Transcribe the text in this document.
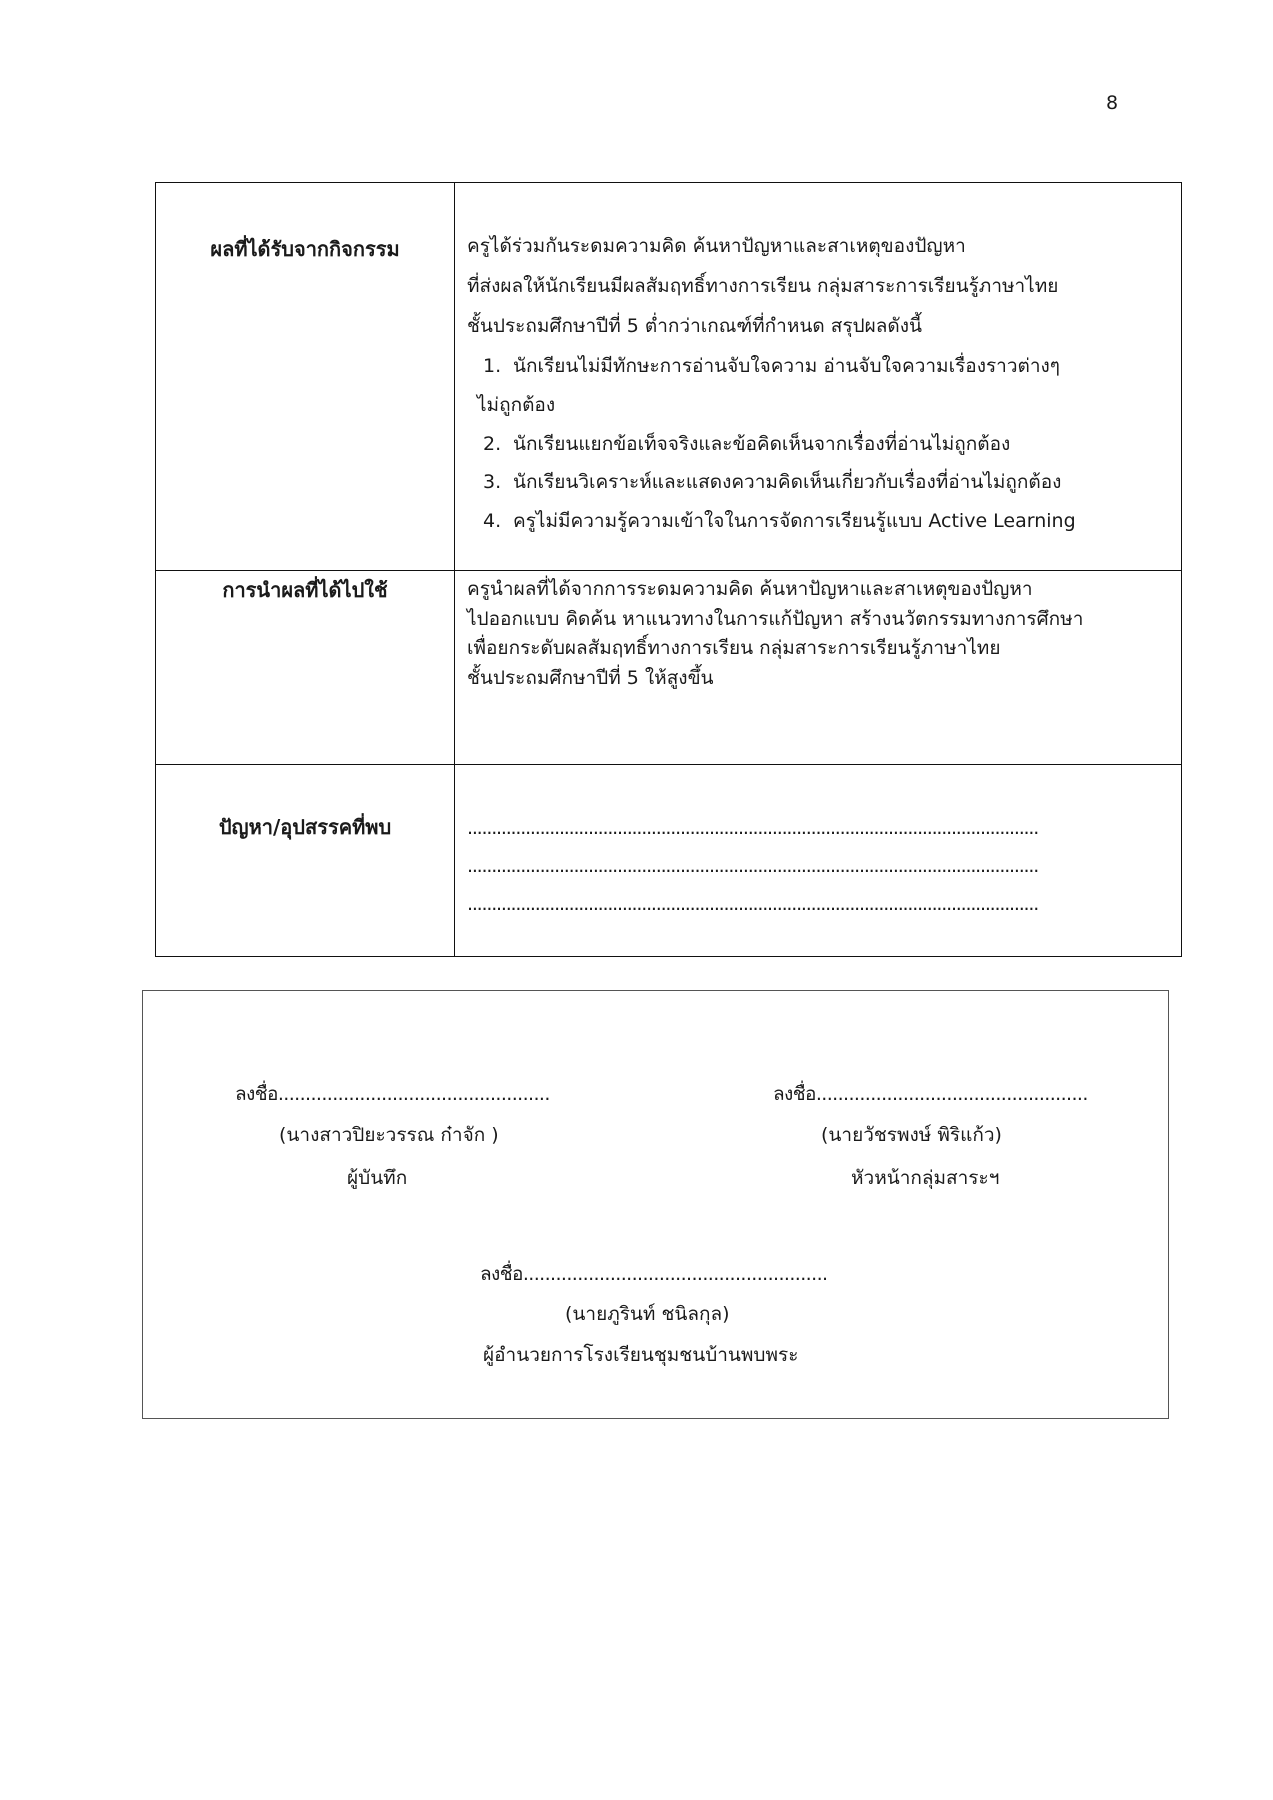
8
ผลที่ได้รับจากกิจกรรม	ครูได้ร่วมกันระดมความคิด ค้นหาปัญหาและสาเหตุของปัญหา
ที่ส่งผลให้นักเรียนมีผลสัมฤทธิ์ทางการเรียน กลุ่มสาระการเรียนรู้ภาษาไทย
ชั้นประถมศึกษาปีที่ 5 ต่ำกว่าเกณฑ์ที่กำหนด สรุปผลดังนี้
1. นักเรียนไม่มีทักษะการอ่านจับใจความ อ่านจับใจความเรื่องราวต่างๆ
ไม่ถูกต้อง
2. นักเรียนแยกข้อเท็จจริงและข้อคิดเห็นจากเรื่องที่อ่านไม่ถูกต้อง
3. นักเรียนวิเคราะห์และแสดงความคิดเห็นเกี่ยวกับเรื่องที่อ่านไม่ถูกต้อง
4. ครูไม่มีความรู้ความเข้าใจในการจัดการเรียนรู้แบบ Active Learning
การนำผลที่ได้ไปใช้	ครูนำผลที่ได้จากการระดมความคิด ค้นหาปัญหาและสาเหตุของปัญหา
ไปออกแบบ คิดค้น หาแนวทางในการแก้ปัญหา สร้างนวัตกรรมทางการศึกษา
เพื่อยกระดับผลสัมฤทธิ์ทางการเรียน กลุ่มสาระการเรียนรู้ภาษาไทย
ชั้นประถมศึกษาปีที่ 5 ให้สูงขึ้น
ปัญหา/อุปสรรคที่พบ	......................................................................................................................
......................................................................................................................
......................................................................................................................
ลงชื่อ..................................................
(นางสาวปิยะวรรณ ก๋าจัก )
ผู้บันทึก
ลงชื่อ..................................................
(นายวัชรพงษ์ พิริแก้ว)
หัวหน้ากลุ่มสาระฯ
ลงชื่อ........................................................
(นายภูรินท์ ชนิลกุล)
ผู้อำนวยการโรงเรียนชุมชนบ้านพบพระ
